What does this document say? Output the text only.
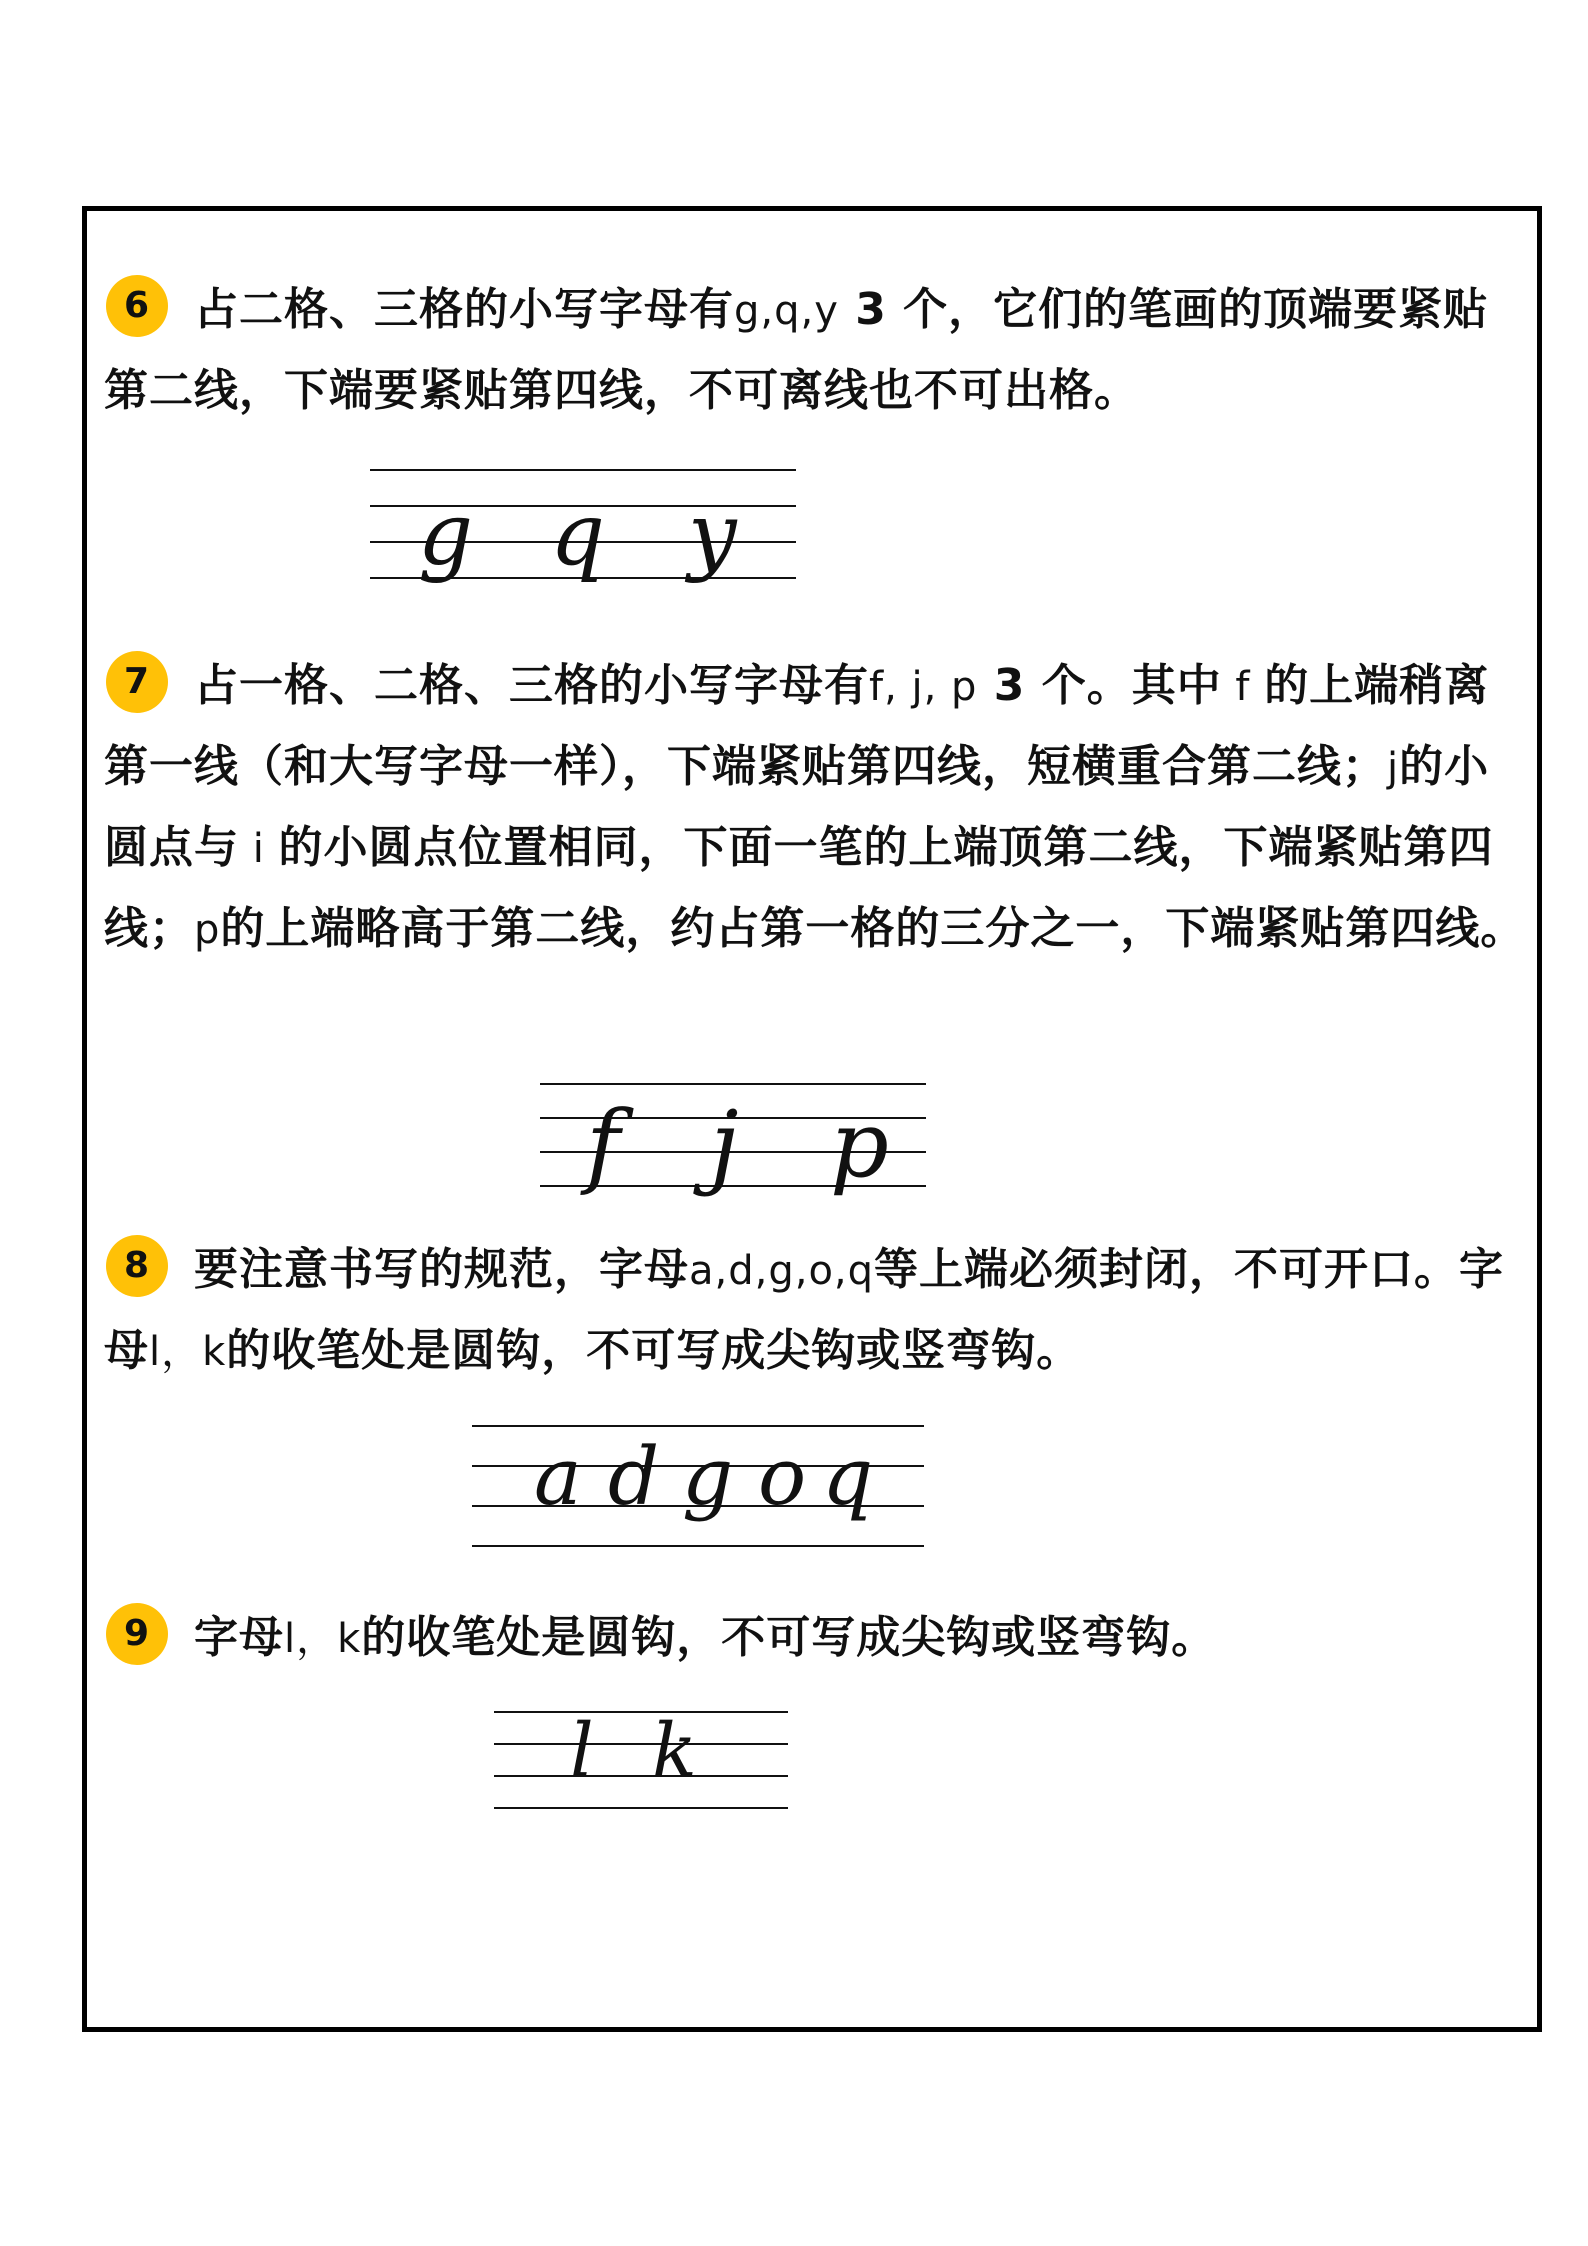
6 占二格、三格的小写字母有g,q,y 3 个，它们的笔画的顶端要紧贴第二线，下端要紧贴第四线，不可离线也不可出格。

g q y

7 占一格、二格、三格的小写字母有f, j, p 3 个。其中 f 的上端稍离第一线（和大写字母一样），下端紧贴第四线，短横重合第二线；j的小圆点与 i 的小圆点位置相同，下面一笔的上端顶第二线，下端紧贴第四线；p的上端略高于第二线，约占第一格的三分之一，下端紧贴第四线。

f j p

8 要注意书写的规范，字母a,d,g,o,q等上端必须封闭，不可开口。字母l，k的收笔处是圆钩，不可写成尖钩或竖弯钩。

a d g o q

9 字母l，k的收笔处是圆钩，不可写成尖钩或竖弯钩。

l k
